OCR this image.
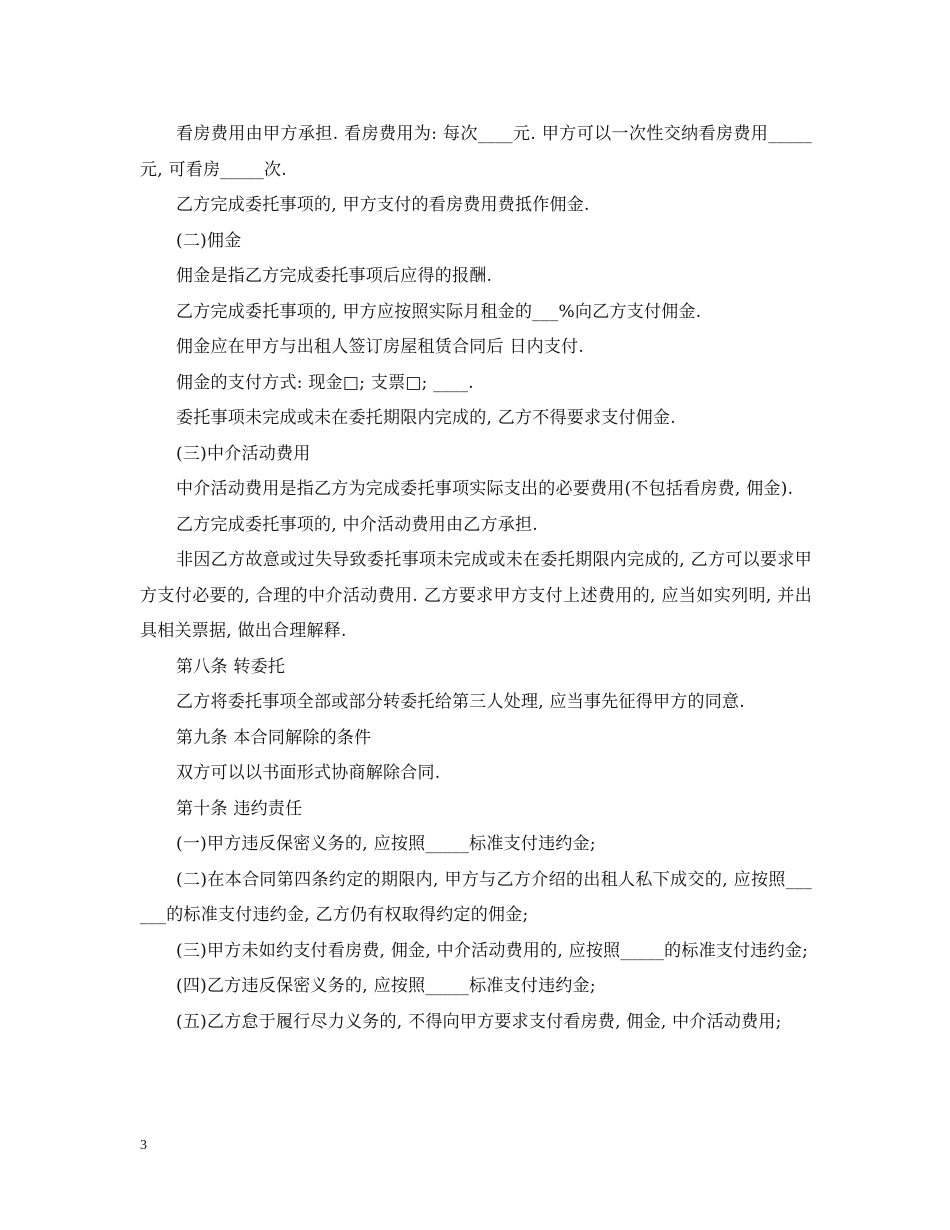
看房费用由甲方承担. 看房费用为: 每次____元. 甲方可以一次性交纳看房费用_____元, 可看房_____次.

乙方完成委托事项的, 甲方支付的看房费用费抵作佣金.

(二)佣金

佣金是指乙方完成委托事项后应得的报酬.

乙方完成委托事项的, 甲方应按照实际月租金的___%向乙方支付佣金.

佣金应在甲方与出租人签订房屋租赁合同后 日内支付.

佣金的支付方式: 现金□; 支票□; ____.

委托事项未完成或未在委托期限内完成的, 乙方不得要求支付佣金.

(三)中介活动费用

中介活动费用是指乙方为完成委托事项实际支出的必要费用(不包括看房费, 佣金).

乙方完成委托事项的, 中介活动费用由乙方承担.

非因乙方故意或过失导致委托事项未完成或未在委托期限内完成的, 乙方可以要求甲方支付必要的, 合理的中介活动费用. 乙方要求甲方支付上述费用的, 应当如实列明, 并出具相关票据, 做出合理解释.

第八条 转委托

乙方将委托事项全部或部分转委托给第三人处理, 应当事先征得甲方的同意.

第九条 本合同解除的条件

双方可以以书面形式协商解除合同.

第十条 违约责任

(一)甲方违反保密义务的, 应按照_____标准支付违约金;

(二)在本合同第四条约定的期限内, 甲方与乙方介绍的出租人私下成交的, 应按照______的标准支付违约金, 乙方仍有权取得约定的佣金;

(三)甲方未如约支付看房费, 佣金, 中介活动费用的, 应按照_____的标准支付违约金;

(四)乙方违反保密义务的, 应按照_____标准支付违约金;

(五)乙方怠于履行尽力义务的, 不得向甲方要求支付看房费, 佣金, 中介活动费用;

3
